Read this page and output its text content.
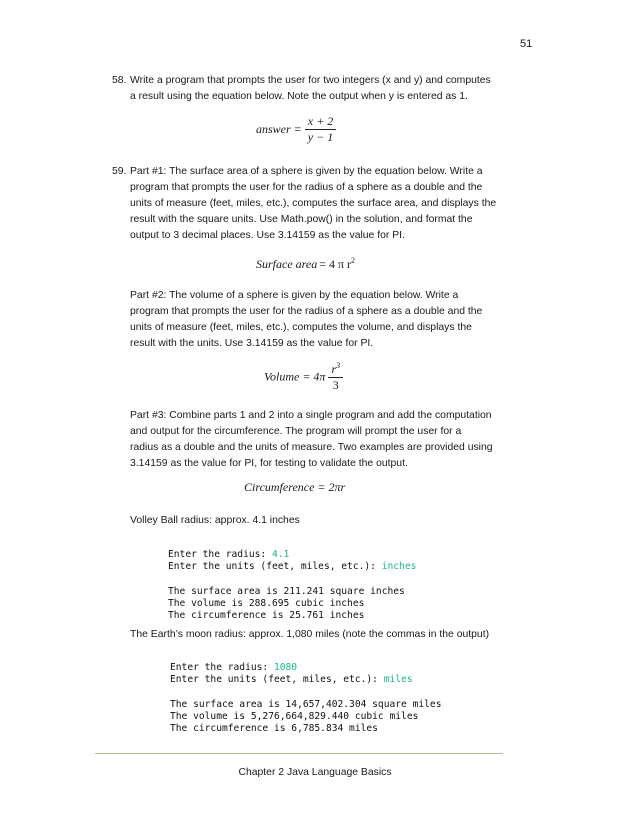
51
58. Write a program that prompts the user for two integers (x and y) and computes
a result using the equation below. Note the output when y is entered as 1.
answer = $\frac{x + 2}{y - 1}$
59. Part #1: The surface area of a sphere is given by the equation below. Write a
program that prompts the user for the radius of a sphere as a double and the
units of measure (feet, miles, etc.), computes the surface area, and displays the
result with the square units. Use Math.pow() in the solution, and format the
output to 3 decimal places. Use 3.14159 as the value for PI.
Surface area = 4 π $r^2$
Part #2: The volume of a sphere is given by the equation below. Write a
program that prompts the user for the radius of a sphere as a double and the
units of measure (feet, miles, etc.), computes the volume, and displays the
result with the units. Use 3.14159 as the value for PI.
Volume = $4\pi \frac{r^3}{3}$
Part #3: Combine parts 1 and 2 into a single program and add the computation
and output for the circumference. The program will prompt the user for a
radius as a double and the units of measure. Two examples are provided using
3.14159 as the value for PI, for testing to validate the output.
Circumference = 2πr
Volley Ball radius: approx. 4.1 inches

Enter the radius: 4.1
Enter the units (feet, miles, etc.): inches
The surface area is 211.241 square inches
The volume is 288.695 cubic inches
The circumference is 25.761 inches

The Earth’s moon radius: approx. 1,080 miles (note the commas in the output)

Enter the radius: 1080
Enter the units (feet, miles, etc.): miles
The surface area is 14,657,402.304 square miles
The volume is 5,276,664,829.440 cubic miles
The circumference is 6,785.834 miles

Chapter 2 Java Language Basics
